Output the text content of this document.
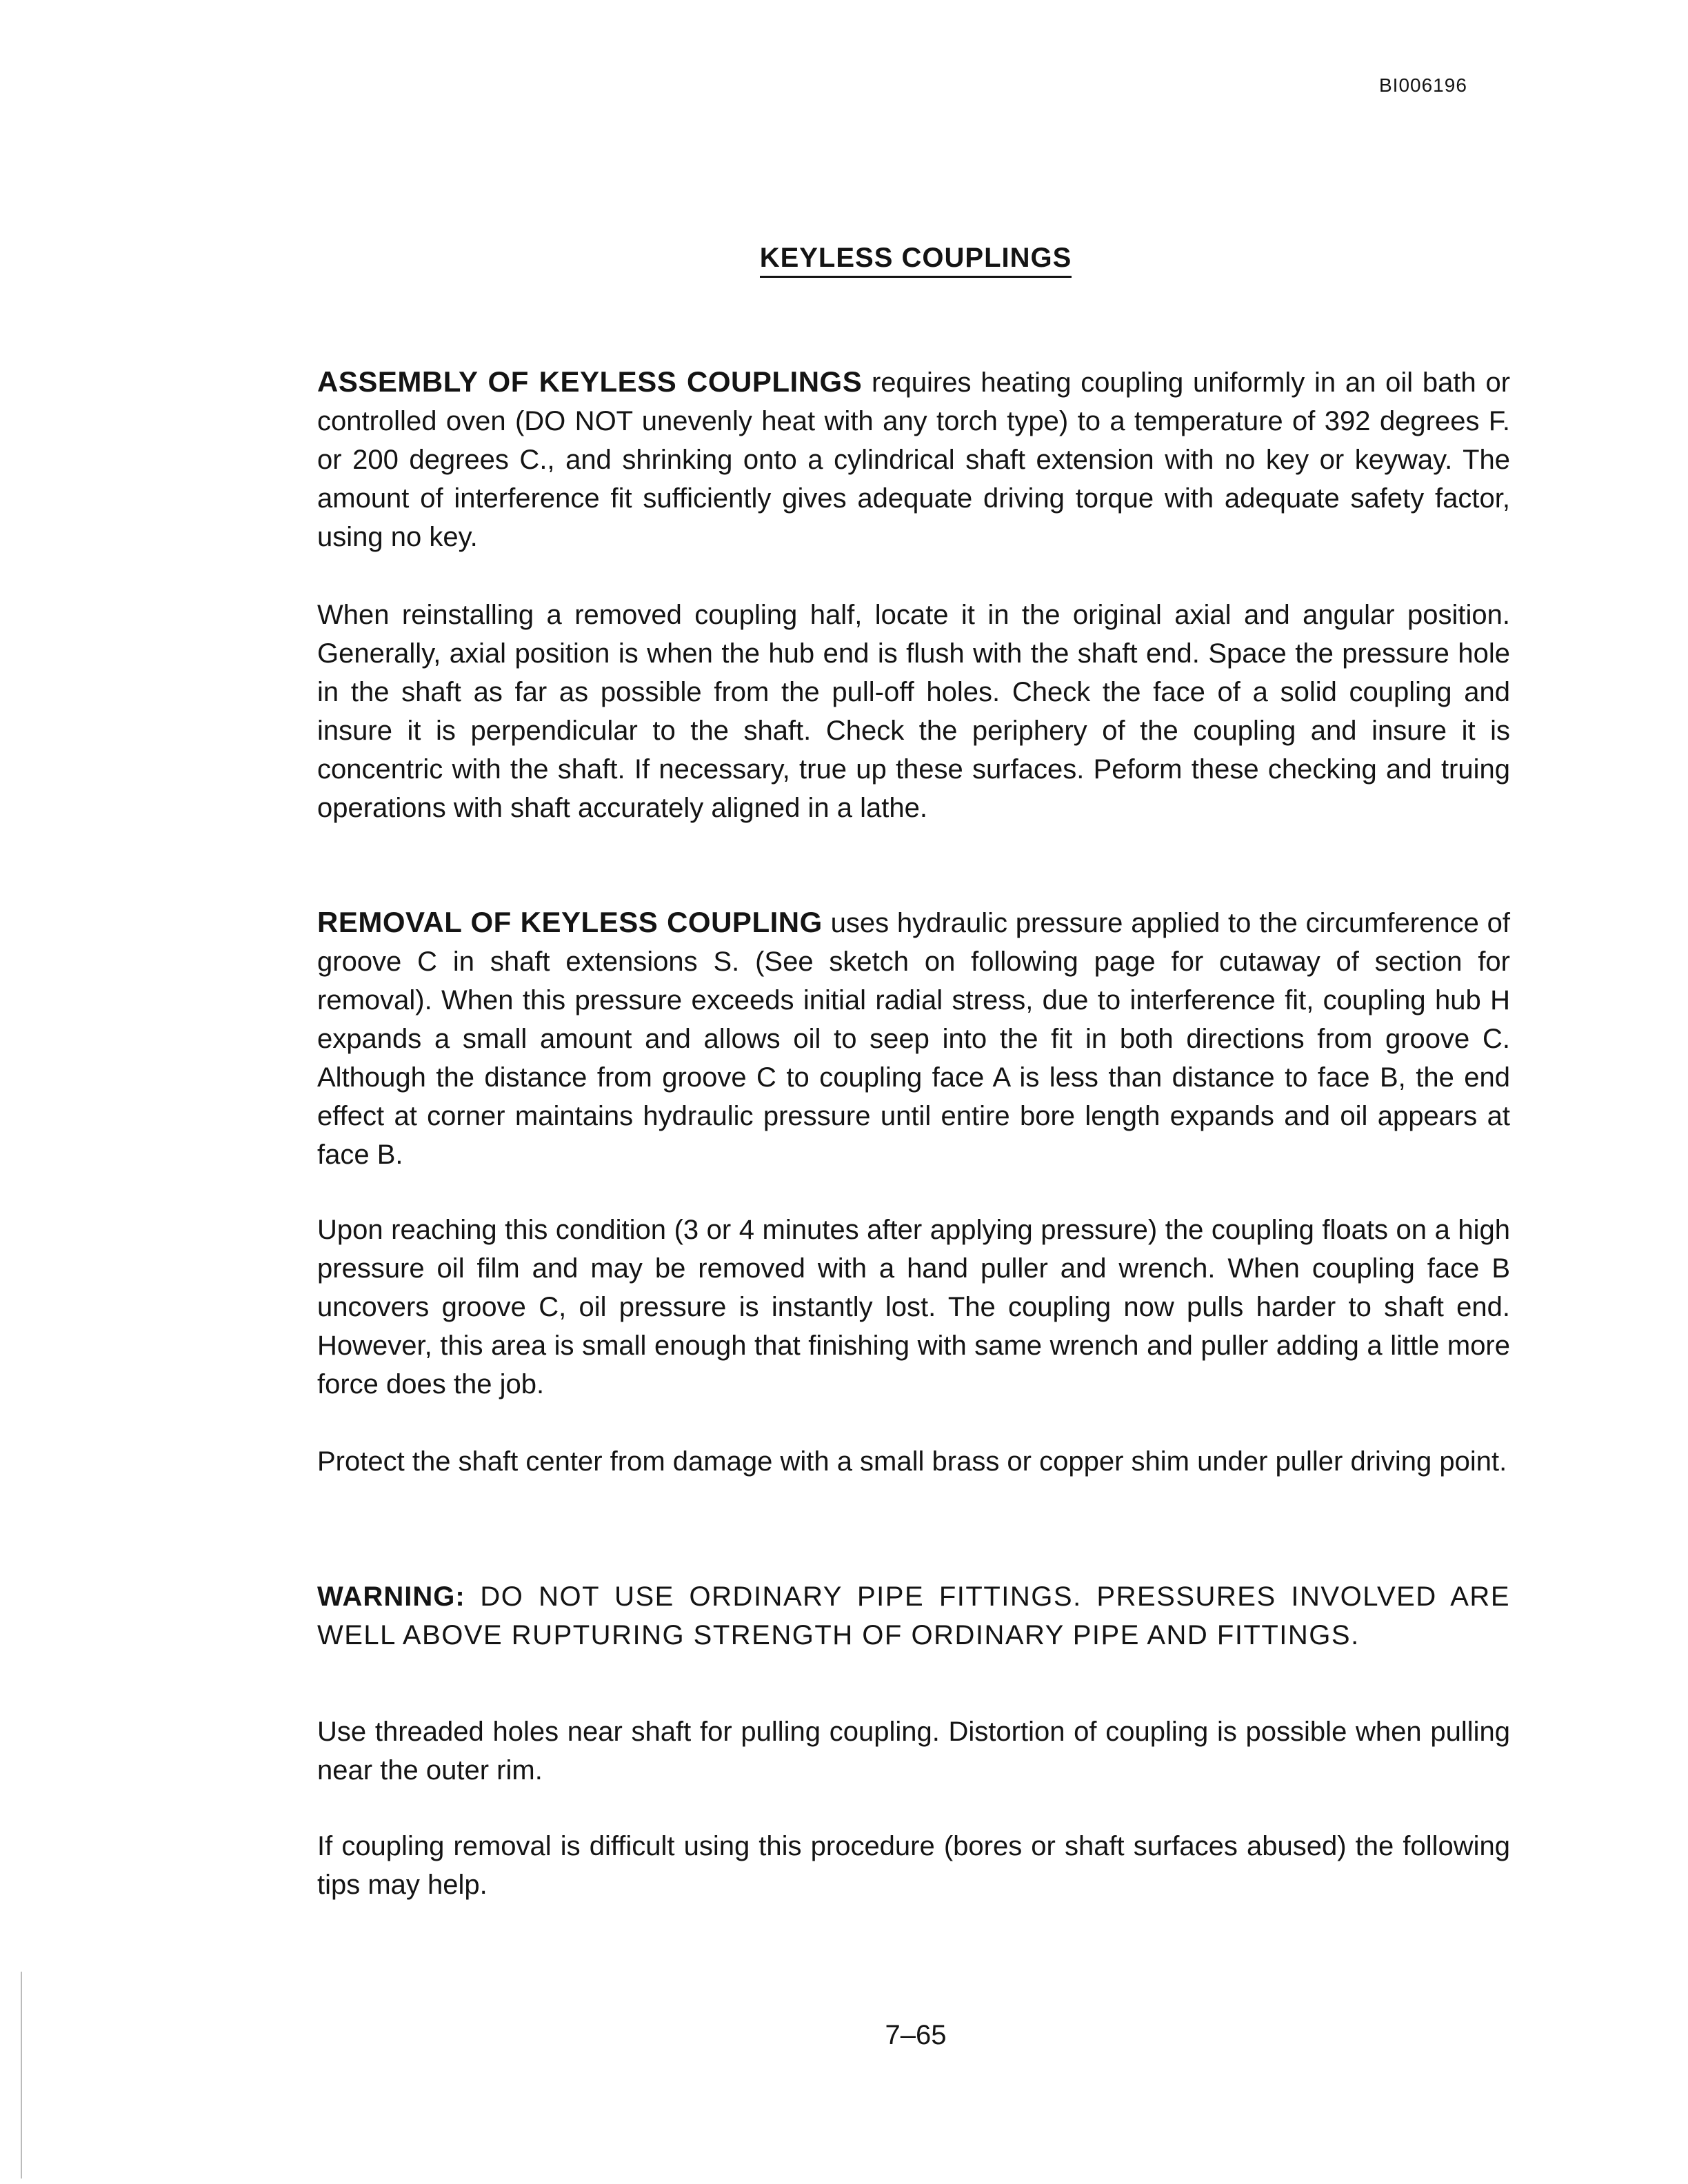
BI006196
KEYLESS COUPLINGS

ASSEMBLY OF KEYLESS COUPLINGS requires heating coupling uniformly in an oil bath or controlled oven (DO NOT unevenly heat with any torch type) to a temperature of 392 degrees F. or 200 degrees C., and shrinking onto a cylindrical shaft extension with no key or keyway. The amount of interference fit sufficiently gives adequate driving torque with adequate safety factor, using no key.

When reinstalling a removed coupling half, locate it in the original axial and angular position. Generally, axial position is when the hub end is flush with the shaft end. Space the pressure hole in the shaft as far as possible from the pull-off holes. Check the face of a solid coupling and insure it is perpendicular to the shaft. Check the periphery of the coupling and insure it is concentric with the shaft. If necessary, true up these surfaces. Peform these checking and truing operations with shaft accurately aligned in a lathe.

REMOVAL OF KEYLESS COUPLING uses hydraulic pressure applied to the circumference of groove C in shaft extensions S. (See sketch on following page for cutaway of section for removal). When this pressure exceeds initial radial stress, due to interference fit, coupling hub H expands a small amount and allows oil to seep into the fit in both directions from groove C. Although the distance from groove C to coupling face A is less than distance to face B, the end effect at corner maintains hydraulic pressure until entire bore length expands and oil appears at face B.

Upon reaching this condition (3 or 4 minutes after applying pressure) the coupling floats on a high pressure oil film and may be removed with a hand puller and wrench. When coupling face B uncovers groove C, oil pressure is instantly lost. The coupling now pulls harder to shaft end. However, this area is small enough that finishing with same wrench and puller adding a little more force does the job.

Protect the shaft center from damage with a small brass or copper shim under puller driving point.

WARNING: DO NOT USE ORDINARY PIPE FITTINGS. PRESSURES INVOLVED ARE WELL ABOVE RUPTURING STRENGTH OF ORDINARY PIPE AND FITTINGS.

Use threaded holes near shaft for pulling coupling. Distortion of coupling is possible when pulling near the outer rim.

If coupling removal is difficult using this procedure (bores or shaft surfaces abused) the following tips may help.

7–65
